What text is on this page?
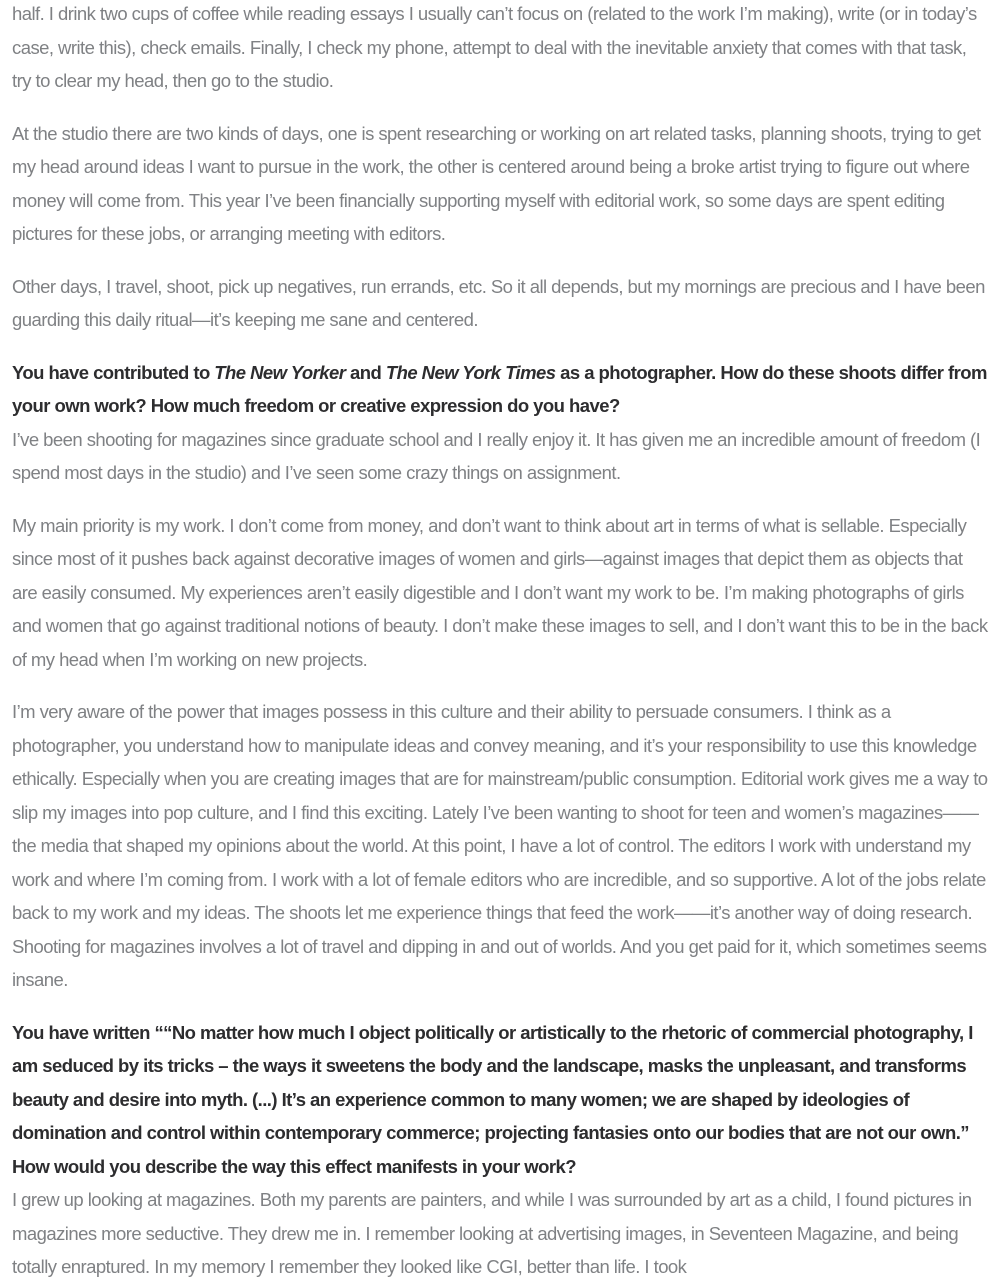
half. I drink two cups of coffee while reading essays I usually can’t focus on (related to the work I’m making), write (or in today’s case, write this), check emails. Finally, I check my phone, attempt to deal with the inevitable anxiety that comes with that task, try to clear my head, then go to the studio.

At the studio there are two kinds of days, one is spent researching or working on art related tasks, planning shoots, trying to get my head around ideas I want to pursue in the work, the other is centered around being a broke artist trying to figure out where money will come from. This year I’ve been financially supporting myself with editorial work, so some days are spent editing pictures for these jobs, or arranging meeting with editors.

Other days, I travel, shoot, pick up negatives, run errands, etc. So it all depends, but my mornings are precious and I have been guarding this daily ritual—it’s keeping me sane and centered.

You have contributed to The New Yorker and The New York Times as a photographer. How do these shoots differ from your own work? How much freedom or creative expression do you have?

I’ve been shooting for magazines since graduate school and I really enjoy it. It has given me an incredible amount of freedom (I spend most days in the studio) and I’ve seen some crazy things on assignment.

My main priority is my work. I don’t come from money, and don’t want to think about art in terms of what is sellable. Especially since most of it pushes back against decorative images of women and girls—against images that depict them as objects that are easily consumed. My experiences aren’t easily digestible and I don’t want my work to be. I’m making photographs of girls and women that go against traditional notions of beauty. I don’t make these images to sell, and I don’t want this to be in the back of my head when I’m working on new projects.

I’m very aware of the power that images possess in this culture and their ability to persuade consumers. I think as a photographer, you understand how to manipulate ideas and convey meaning, and it’s your responsibility to use this knowledge ethically. Especially when you are creating images that are for mainstream/public consumption. Editorial work gives me a way to slip my images into pop culture, and I find this exciting. Lately I’ve been wanting to shoot for teen and women’s magazines——the media that shaped my opinions about the world. At this point, I have a lot of control. The editors I work with understand my work and where I’m coming from. I work with a lot of female editors who are incredible, and so supportive. A lot of the jobs relate back to my work and my ideas. The shoots let me experience things that feed the work——it’s another way of doing research. Shooting for magazines involves a lot of travel and dipping in and out of worlds. And you get paid for it, which sometimes seems insane.

You have written ““No matter how much I object politically or artistically to the rhetoric of commercial photography, I am seduced by its tricks – the ways it sweetens the body and the landscape, masks the unpleasant, and transforms beauty and desire into myth. (...) It’s an experience common to many women; we are shaped by ideologies of domination and control within contemporary commerce; projecting fantasies onto our bodies that are not our own.” How would you describe the way this effect manifests in your work?

I grew up looking at magazines. Both my parents are painters, and while I was surrounded by art as a child, I found pictures in magazines more seductive. They drew me in. I remember looking at advertising images, in Seventeen Magazine, and being totally enraptured. In my memory I remember they looked like CGI, better than life. I took
